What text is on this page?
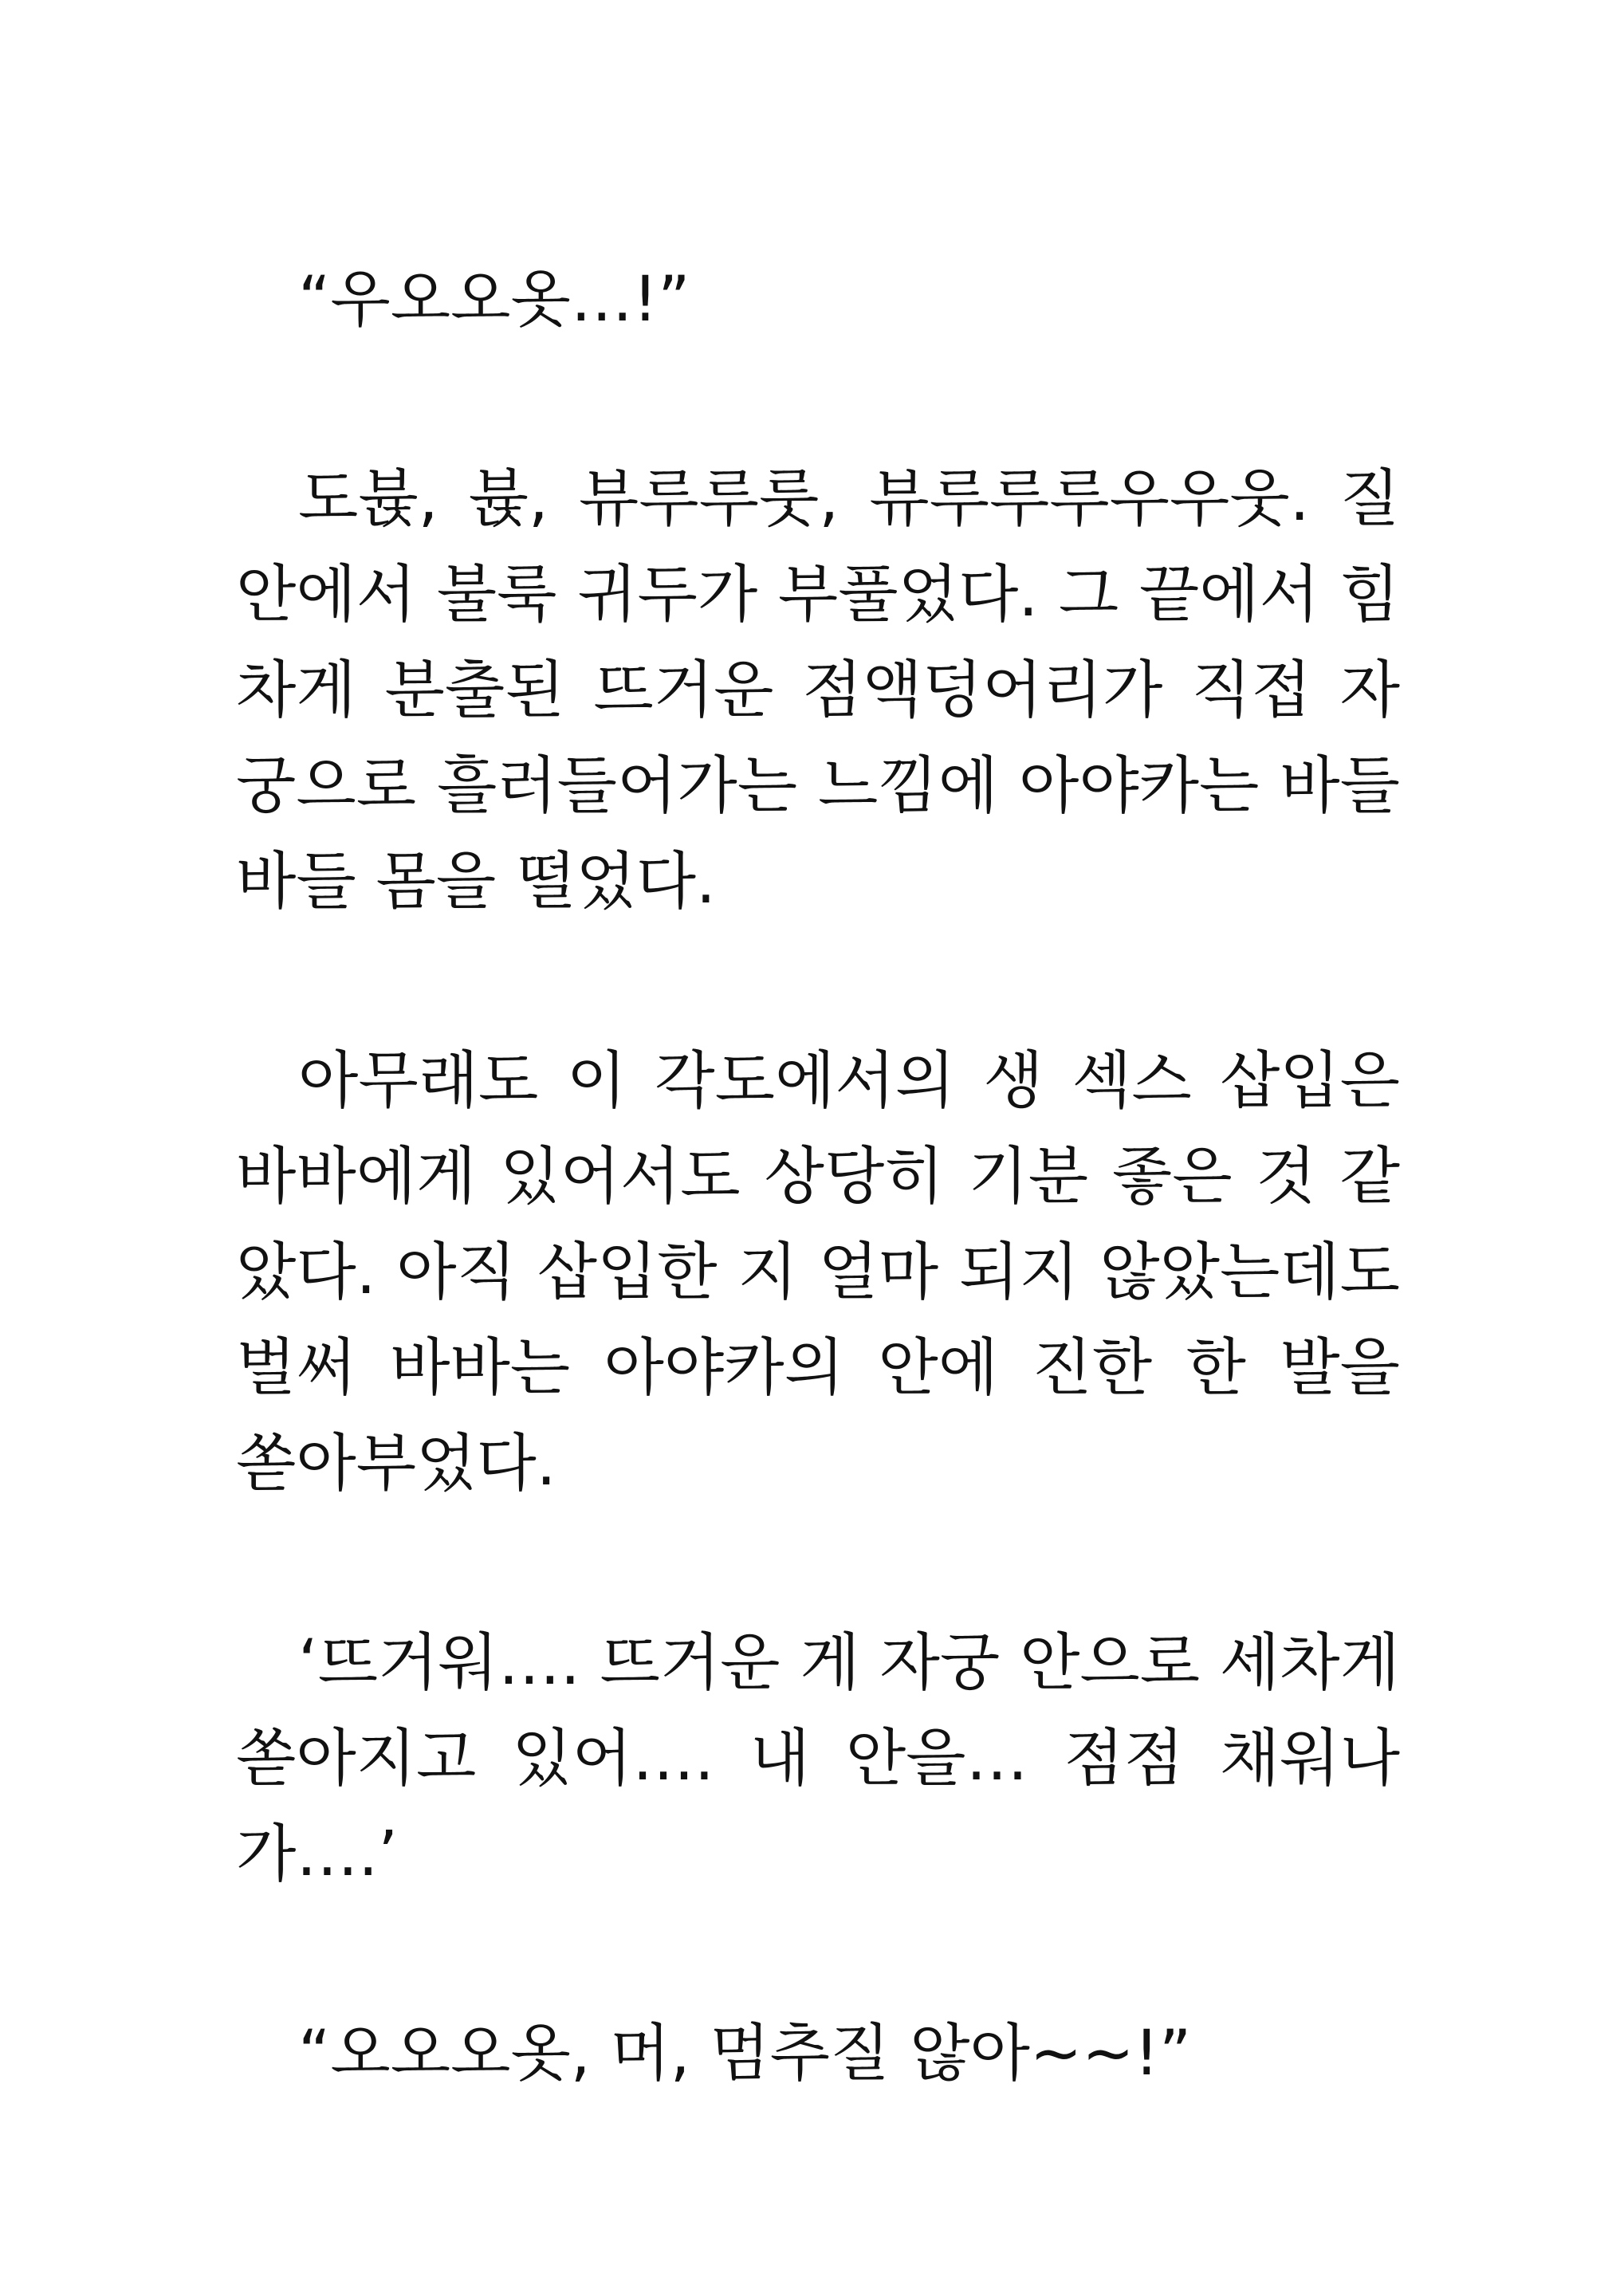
“우오오옷…!”
도뷵, 뷵, 뷰루루룻, 뷰루루루우우웃. 질
안에서 불룩 귀두가 부풀었다. 그 끝에서 힘
차게 분출된 뜨거운 점액덩어리가 직접 자
궁으로 흘러들어가는 느낌에 아야카는 바들
바들 몸을 떨었다.
아무래도 이 각도에서의 생 섹스 삽입은
바바에게 있어서도 상당히 기분 좋은 것 같
았다. 아직 삽입한 지 얼마 되지 않았는데도
벌써 바바는 아야카의 안에 진한 한 발을
쏟아부었다.
‘뜨거워…. 뜨거운 게 자궁 안으로 세차게
쏟아지고 있어…. 내 안을… 점점 채워나
가….’
“오오오옷, 머, 멈추질 않아~~!”
